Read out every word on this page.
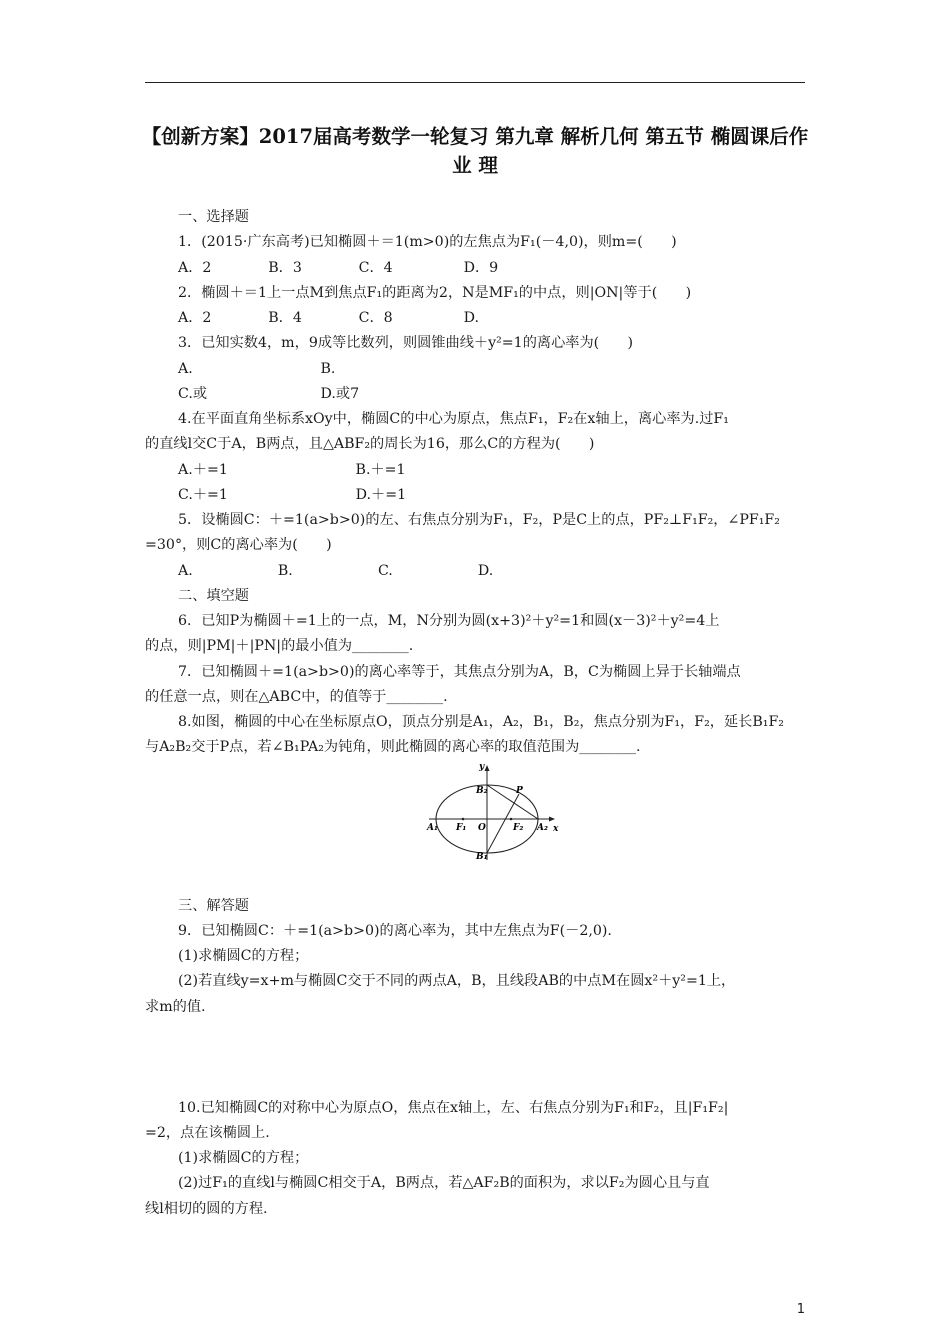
【创新方案】2017届高考数学一轮复习 第九章 解析几何 第五节 椭圆课后作业 理
一、选择题
1．(2015·广东高考)已知椭圆＋＝1(m>0)的左焦点为F₁(－4,0)，则m=(　　)
A．2　　　　B．3　　　　C．4　　　　　D．9
2．椭圆＋＝1上一点M到焦点F₁的距离为2，N是MF₁的中点，则|ON|等于(　　)
A．2　　　　B．4　　　　C．8　　　　　D.
3．已知实数4，m，9成等比数列，则圆锥曲线＋y²=1的离心率为(　　)
A.　　　　　　　　　B.
C.或　　　　　　　　D.或7
4.在平面直角坐标系xOy中，椭圆C的中心为原点，焦点F₁，F₂在x轴上，离心率为.过F₁
的直线l交C于A，B两点，且△ABF₂的周长为16，那么C的方程为(　　)
A.＋=1　　　　　　　　　B.＋=1
C.＋=1　　　　　　　　　D.＋=1
5．设椭圆C：＋=1(a>b>0)的左、右焦点分别为F₁，F₂，P是C上的点，PF₂⊥F₁F₂，∠PF₁F₂
=30°，则C的离心率为(　　)
A.　　　　　　B.　　　　　　C.　　　　　　D.
二、填空题
6．已知P为椭圆＋=1上的一点，M，N分别为圆(x+3)²＋y²=1和圆(x－3)²＋y²=4上
的点，则|PM|＋|PN|的最小值为________.
7．已知椭圆＋=1(a>b>0)的离心率等于，其焦点分别为A，B，C为椭圆上异于长轴端点
的任意一点，则在△ABC中，的值等于________.
8.如图，椭圆的中心在坐标原点O，顶点分别是A₁，A₂，B₁，B₂，焦点分别为F₁，F₂，延长B₁F₂
与A₂B₂交于P点，若∠B₁PA₂为钝角，则此椭圆的离心率的取值范围为________.
三、解答题
9．已知椭圆C：＋=1(a>b>0)的离心率为，其中左焦点为F(－2,0).
(1)求椭圆C的方程；
(2)若直线y=x+m与椭圆C交于不同的两点A，B，且线段AB的中点M在圆x²＋y²=1上，
求m的值.
10.已知椭圆C的对称中心为原点O，焦点在x轴上，左、右焦点分别为F₁和F₂，且|F₁F₂|
=2，点在该椭圆上.
(1)求椭圆C的方程；
(2)过F₁的直线l与椭圆C相交于A，B两点，若△AF₂B的面积为，求以F₂为圆心且与直
线l相切的圆的方程.
y
x
B₂	P
A₁ F₁ O	F₂ A₂
B₁
1
